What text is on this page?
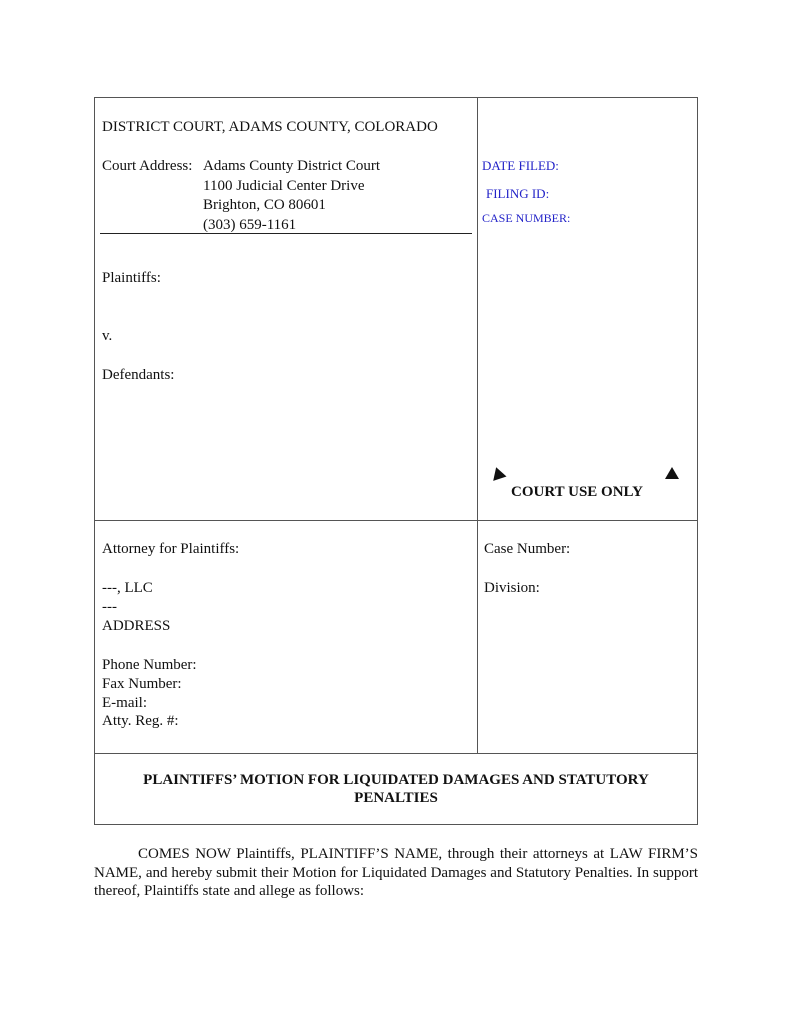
DISTRICT COURT, ADAMS COUNTY, COLORADO
Court Address: Adams County District Court
1100 Judicial Center Drive
Brighton, CO 80601
(303) 659-1161
Plaintiffs:
v.
Defendants:
DATE FILED:
FILING ID:
CASE NUMBER:
COURT USE ONLY
Attorney for Plaintiffs:
---, LLC
---
ADDRESS
Phone Number:
Fax Number:
E-mail:
Atty. Reg. #:
Case Number:
Division:
PLAINTIFFS’ MOTION FOR LIQUIDATED DAMAGES AND STATUTORY
PENALTIES
COMES NOW Plaintiffs, PLAINTIFF’S NAME, through their attorneys at LAW FIRM’S NAME, and hereby submit their Motion for Liquidated Damages and Statutory Penalties. In support thereof, Plaintiffs state and allege as follows:
